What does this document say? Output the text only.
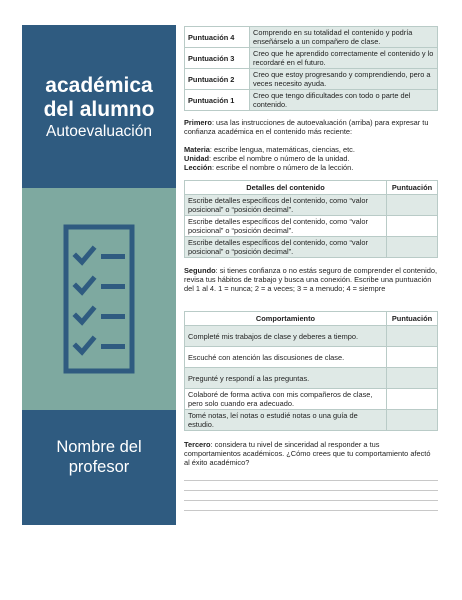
académica
del alumno
Autoevaluación
Nombre del
profesor
Puntuación 4	Comprendo en su totalidad el contenido y podría enseñárselo a un compañero de clase.
Puntuación 3	Creo que he aprendido correctamente el contenido y lo recordaré en el futuro.
Puntuación 2	Creo que estoy progresando y comprendiendo, pero a veces necesito ayuda.
Puntuación 1	Creo que tengo dificultades con todo o parte del contenido.
Primero: usa las instrucciones de autoevaluación (arriba) para expresar tu confianza académica en el contenido más reciente:
Materia: escribe lengua, matemáticas, ciencias, etc.
Unidad: escribe el nombre o número de la unidad.
Lección: escribe el nombre o número de la lección.
Detalles del contenido	Puntuación
Escribe detalles específicos del contenido, como “valor posicional” o “posición decimal”.	
Escribe detalles específicos del contenido, como “valor posicional” o “posición decimal”.	
Escribe detalles específicos del contenido, como “valor posicional” o “posición decimal”.	
Segundo: si tienes confianza o no estás seguro de comprender el contenido, revisa tus hábitos de trabajo y busca una conexión. Escribe una puntuación del 1 al 4. 1 = nunca; 2 = a veces; 3 = a menudo; 4 = siempre
Comportamiento	Puntuación
Completé mis trabajos de clase y deberes a tiempo.	
Escuché con atención las discusiones de clase.	
Pregunté y respondí a las preguntas.	
Colaboré de forma activa con mis compañeros de clase, pero solo cuando era adecuado.	
Tomé notas, leí notas o estudié notas o una guía de estudio.	
Tercero: considera tu nivel de sinceridad al responder a tus comportamientos académicos. ¿Cómo crees que tu comportamiento afectó al éxito académico?
